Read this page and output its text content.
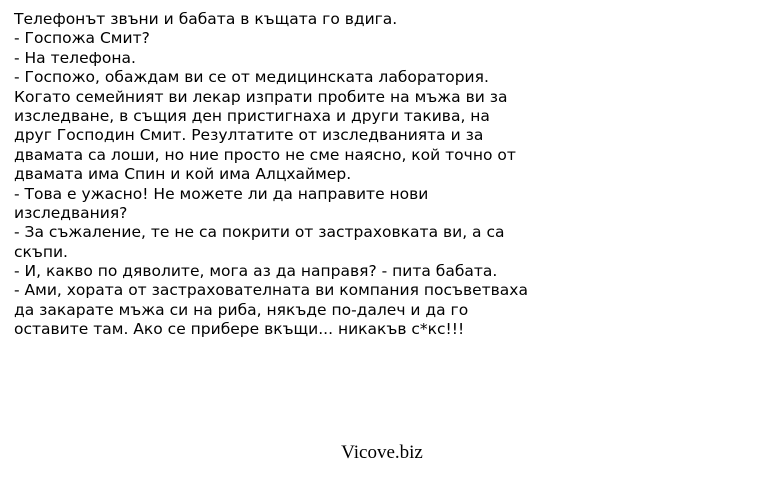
Телефонът звъни и бабата в къщата го вдига.
- Госпожа Смит?
- На телефона.
- Госпожо, обаждам ви се от медицинската лаборатория.
Когато семейният ви лекар изпрати пробите на мъжа ви за
изследване, в същия ден пристигнаха и други такива, на
друг Господин Смит. Резултатите от изследванията и за
двамата са лоши, но ние просто не сме наясно, кой точно от
двамата има Спин и кой има Алцхаймер.
- Това е ужасно! Не можете ли да направите нови
изследвания?
- За съжаление, те не са покрити от застраховката ви, а са
скъпи.
- И, какво по дяволите, мога аз да направя? - пита бабата.
- Ами, хората от застрахователната ви компания посъветваха
да закарате мъжа си на риба, някъде по-далеч и да го
оставите там. Ако се прибере вкъщи... никакъв с*кс!!!
Vicove.biz
